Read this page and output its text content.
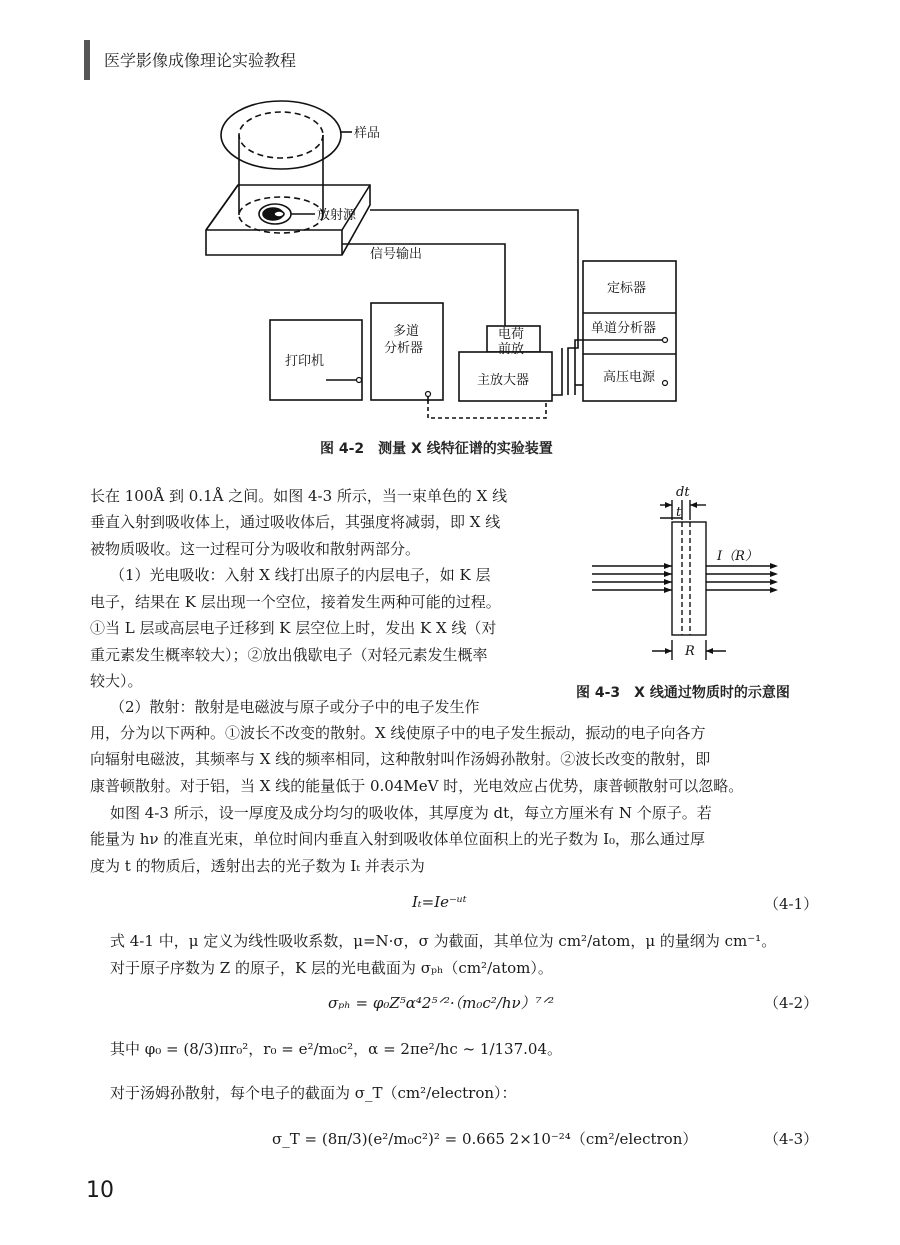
医学影像成像理论实验教程
样品
放射源
信号输出
定标器
单道分析器
高压电源
打印机
多道
分析器
电荷
前放
主放大器
图 4-2　测量 X 线特征谱的实验装置
dt
t
I（R）
R
图 4-3　X 线通过物质时的示意图

长在 100Å 到 0.1Å 之间。如图 4-3 所示，当一束单色的 X 线

垂直入射到吸收体上，通过吸收体后，其强度将减弱，即 X 线

被物质吸收。这一过程可分为吸收和散射两部分。

（1）光电吸收：入射 X 线打出原子的内层电子，如 K 层

电子，结果在 K 层出现一个空位，接着发生两种可能的过程。

①当 L 层或高层电子迁移到 K 层空位上时，发出 K X 线（对

重元素发生概率较大）；②放出俄歇电子（对轻元素发生概率

较大）。

（2）散射：散射是电磁波与原子或分子中的电子发生作

用，分为以下两种。①波长不改变的散射。X 线使原子中的电子发生振动，振动的电子向各方

向辐射电磁波，其频率与 X 线的频率相同，这种散射叫作汤姆孙散射。②波长改变的散射，即

康普顿散射。对于铝，当 X 线的能量低于 0.04MeV 时，光电效应占优势，康普顿散射可以忽略。

如图 4-3 所示，设一厚度及成分均匀的吸收体，其厚度为 dt，每立方厘米有 N 个原子。若

能量为 hν 的准直光束，单位时间内垂直入射到吸收体单位面积上的光子数为 I₀，那么通过厚

度为 t 的物质后，透射出去的光子数为 Iₜ 并表示为

Iₜ=Ie⁻ᵘᵗ	（4-1）

式 4-1 中，μ 定义为线性吸收系数，μ=N·σ，σ 为截面，其单位为 cm²/atom，μ 的量纲为 cm⁻¹。

对于原子序数为 Z 的原子，K 层的光电截面为 σₚₕ（cm²/atom）。

σₚₕ = φ₀Z⁵α⁴2⁵ᐟ²·（m₀c²/hν）⁷ᐟ²	（4-2）

其中 φ₀ = (8/3)πr₀²，r₀ = e²/m₀c²，α = 2πe²/hc ~ 1/137.04。

对于汤姆孙散射，每个电子的截面为 σ_T（cm²/electron）：

σ_T = (8π/3)(e²/m₀c²)² = 0.665 2×10⁻²⁴（cm²/electron）	（4-3）
10
